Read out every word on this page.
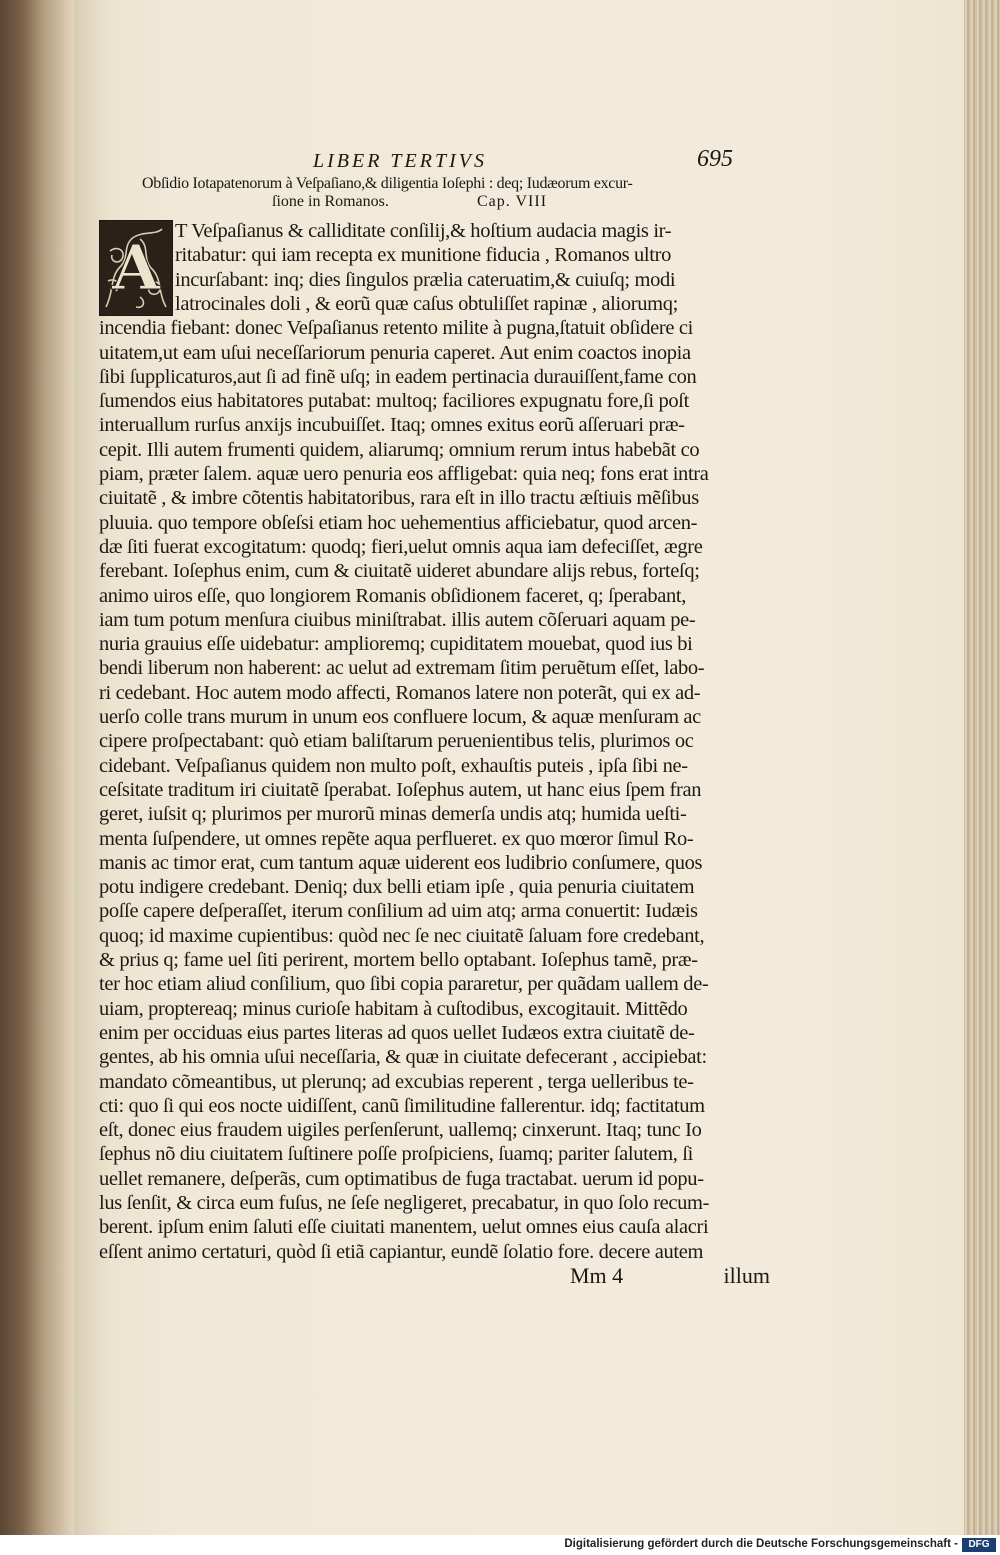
LIBER TERTIVS	695
Obſidio Iotapatenorum à Veſpaſiano,& diligentia Ioſephi : deq; Iudæorum excur-
ſione in Romanos.	Cap. VIII
T Veſpaſianus & calliditate conſilij,& hoſtium audacia magis ir-
ritabatur: qui iam recepta ex munitione fiducia , Romanos ultro
incurſabant: inq; dies ſingulos prælia cateruatim,& cuiuſq; modi
latrocinales doli , & eorũ quæ caſus obtuliſſet rapinæ , aliorumq;
incendia fiebant: donec Veſpaſianus retento milite à pugna,ſtatuit obſidere ci
uitatem,ut eam uſui neceſſariorum penuria caperet. Aut enim coactos inopia
ſibi ſupplicaturos,aut ſi ad finẽ uſq; in eadem pertinacia durauiſſent,fame con
ſumendos eius habitatores putabat: multoq; faciliores expugnatu fore,ſi poſt
interuallum rurſus anxijs incubuiſſet. Itaq; omnes exitus eorũ aſſeruari præ-
cepit. Illi autem frumenti quidem, aliarumq; omnium rerum intus habebãt co
piam, præter ſalem. aquæ uero penuria eos affligebat: quia neq; fons erat intra
ciuitatẽ , & imbre cõtentis habitatoribus, rara eſt in illo tractu æſtiuis mẽſibus
pluuia. quo tempore obſeſsi etiam hoc uehementius afficiebatur, quod arcen-
dæ ſiti fuerat excogitatum: quodq; fieri,uelut omnis aqua iam defeciſſet, ægre
ferebant. Ioſephus enim, cum & ciuitatẽ uideret abundare alijs rebus, forteſq;
animo uiros eſſe, quo longiorem Romanis obſidionem faceret, q; ſperabant,
iam tum potum menſura ciuibus miniſtrabat. illis autem cõſeruari aquam pe-
nuria grauius eſſe uidebatur: amplioremq; cupiditatem mouebat, quod ius bi
bendi liberum non haberent: ac uelut ad extremam ſitim peruẽtum eſſet, labo-
ri cedebant. Hoc autem modo affecti, Romanos latere non poterãt, qui ex ad-
uerſo colle trans murum in unum eos confluere locum, & aquæ menſuram ac
cipere proſpectabant: quò etiam baliſtarum peruenientibus telis, plurimos oc
cidebant. Veſpaſianus quidem non multo poſt, exhauſtis puteis , ipſa ſibi ne-
ceſsitate traditum iri ciuitatẽ ſperabat. Ioſephus autem, ut hanc eius ſpem fran
geret, iuſsit q; plurimos per murorũ minas demerſa undis atq; humida ueſti-
menta ſuſpendere, ut omnes repẽte aqua perflueret. ex quo mœror ſimul Ro-
manis ac timor erat, cum tantum aquæ uiderent eos ludibrio conſumere, quos
potu indigere credebant. Deniq; dux belli etiam ipſe , quia penuria ciuitatem
poſſe capere deſperaſſet, iterum conſilium ad uim atq; arma conuertit: Iudæis
quoq; id maxime cupientibus: quòd nec ſe nec ciuitatẽ ſaluam fore credebant,
& prius q; fame uel ſiti perirent, mortem bello optabant. Ioſephus tamẽ, præ-
ter hoc etiam aliud conſilium, quo ſibi copia pararetur, per quãdam uallem de-
uiam, proptereaq; minus curioſe habitam à cuſtodibus, excogitauit. Mittẽdo
enim per occiduas eius partes literas ad quos uellet Iudæos extra ciuitatẽ de-
gentes, ab his omnia uſui neceſſaria, & quæ in ciuitate defecerant , accipiebat:
mandato cõmeantibus, ut plerunq; ad excubias reperent , terga uelleribus te-
cti: quo ſi qui eos nocte uidiſſent, canũ ſimilitudine fallerentur. idq; factitatum
eſt, donec eius fraudem uigiles perſenſerunt, uallemq; cinxerunt. Itaq; tunc Io
ſephus nõ diu ciuitatem ſuſtinere poſſe proſpiciens, ſuamq; pariter ſalutem, ſi
uellet remanere, deſperãs, cum optimatibus de fuga tractabat. uerum id popu-
lus ſenſit, & circa eum fuſus, ne ſeſe negligeret, precabatur, in quo ſolo recum-
berent. ipſum enim ſaluti eſſe ciuitati manentem, uelut omnes eius cauſa alacri
eſſent animo certaturi, quòd ſi etiã capiantur, eundẽ ſolatio fore. decere autem
A
Mm 4	illum
Digitalisierung gefördert durch die Deutsche Forschungsgemeinschaft -	DFG
